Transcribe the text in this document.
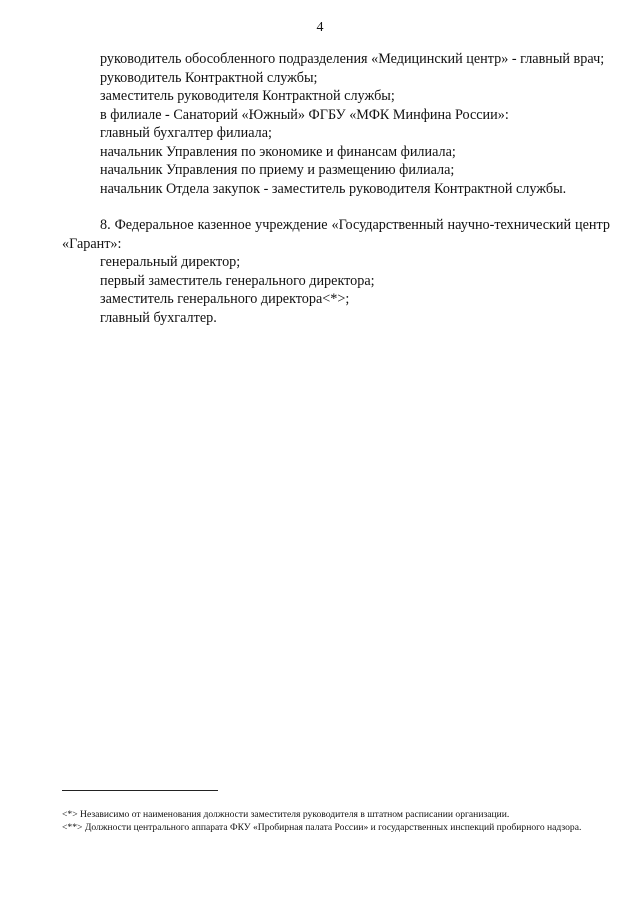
4

руководитель обособленного подразделения «Медицинский центр» - главный врач;

руководитель Контрактной службы;

заместитель руководителя Контрактной службы;

в филиале - Санаторий «Южный» ФГБУ «МФК Минфина России»:

главный бухгалтер филиала;

начальник Управления по экономике и финансам филиала;

начальник Управления по приему и размещению филиала;

начальник Отдела закупок - заместитель руководителя Контрактной службы.

8. Федеральное казенное учреждение «Государственный научно-технический центр «Гарант»:

генеральный директор;

первый заместитель генерального директора;

заместитель генерального директора<*>;

главный бухгалтер.

<*> Независимо от наименования должности заместителя руководителя в штатном расписании организации.

<**> Должности центрального аппарата ФКУ «Пробирная палата России» и государственных инспекций пробирного надзора.
